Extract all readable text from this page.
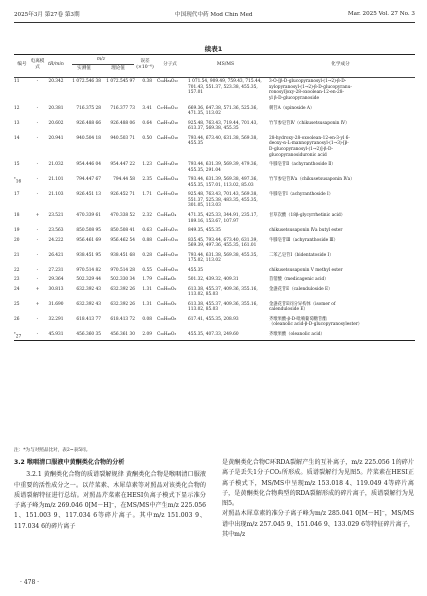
2025年3月 第27卷 第3期	中国现代中药 Mod Chin Med	Mar. 2025 Vol. 27 No. 3
续表1
编号
电离模式	tR/min
m/z
实测值	理论值
误差(×10⁻⁶)	分子式	MS/MS	化学成分
11	-	20.342	1 072.546 38	1 072.545 97	0.38	C₅₄H₈₄O₂₂	1 071.54, 909.49, 759.43, 715.44,
701.43, 551.37, 523.38, 455.35,
157.01
3-O-[β-D-glucopyranosyl-(1→2)-β-D-
xylopyranosyl-(1→2)-β-D-glucopyranu-
ronosyl]oxy-28-oxoolean-12-en-28-
yl β-D-glucopyranoside
12	-	20.381	716.375 28	716.377 73	3.41	C₃₇H₅₆O₁₂	669.36, 647.38, 571.36, 525.36,
471.35, 113.02
刺苷A（spinoside A）
13	-	20.602	926.488 66	926.488 06	0.64	C₄₈H₇₄O₁₈	925.48, 763.43, 719.44, 701.43,
613.37, 569.38, 455.35
竹节参皂苷Ⅳ（chikusetsusaponin Ⅳ）
14	-	20.941	940.504 18	940.503 71	0.50	C₄₉H₇₆O₁₈	793.44, 673.40, 631.38, 569.38,
455.35
28-hydroxy-28-oxoolean-12-en-3-yl 6-
deoxy-α-L-mannopyranosyl-(1→3)-[β-
D-glucopyranosyl-(1→2)]-β-D-
glucopyranosiduronic acid
15	-	21.032	954.446 04	954.447 22	1.23	C₄₉H₇₄O₁₈	793.44, 631.39, 569.39, 479.36,
455.35, 291.04
牛膝皂苷Ⅱ（achyranthoside Ⅱ）
*16	-	21.101	794.447 67	794.44 58	2.35	C₄₂H₆₆O₁₄	793.44, 631.39, 569.38, 497.36,
455.35, 157.01, 113.02, 85.03
竹节参皂苷Ⅳa（chikusetsusaponin Ⅳa）
17	-	21.103	926.451 13	926.452 71	1.71	C₄₇H₇₀O₁₈	925.48, 763.43, 701.43, 569.38,
551.37, 525.38, 483.35, 455.35,
301.05, 113.03
牛膝皂苷Ⅰ（achyranthoside Ⅰ）
18	+	23.521	470.339 61	470.338 52	2.32	C₃₀H₄₆O₄	471.35, 425.33, 344.91, 235.17,
189.16, 153.67, 107.97
甘草次酸（18β-glycyrrhetinic acid）
19	-	23.563	850.508 95	850.508 41	0.63	C₄₆H₇₄O₁₅	849.35, 455.35	chikusetsusaponin Ⅳa butyl ester
20	-	24.222	956.461 69	956.462 54	0.88	C₄₉H₇₂O₁₉	835.45, 793.44, 673.40, 631.39,
569.39, 497.36, 455.35, 161.01
牛膝皂苷Ⅲ（achyranthoside Ⅲ）
21	-	26.421	938.451 95	938.451 68	0.28	C₄₈H₇₀O₁₈	793.44, 631.38, 569.38, 455.35,
175.02, 113.02
二苯乙皂苷Ⅰ（bidentatoside Ⅰ）
22	-	27.231	970.514 82	970.514 28	0.55	C₅₀H₇₈O₁₉	455.35	chikusetsusaponin V methyl ester
23	-	29.364	502.329 44	502.330 34	1.79	C₃₀H₄₆O₆	501.32, 439.32, 409.31	苜蓿酸（medicagenic acid）
24	+	30.813	632.392 43	632.392 26	1.31	C₃₆H₅₆O₉	613.38, 455.37, 409.36, 355.16,
113.02, 85.03
金盏花苷E（calenduloside E）
25	+	31.690	632.392 43	632.392 26	1.31	C₃₆H₅₆O₉	613.38, 455.37, 409.36, 355.16,
113.02, 85.03
金盏花苷E同分异构体（isomer of
calenduloside E）
26	-	32.291	618.413 77	618.413 72	0.08	C₃₆H₅₈O₈	617.41, 455.35, 208.93	齐墩果酸-β-D-吡喃葡萄糖苷酯
（oleanolic acid-β-D-glucopyranosylester）
*27	-	45.931	456.360 35	456.361 30	2.09	C₃₀H₄₈O₃	455.35, 407.33, 249.60	齐墩果酸（oleanolic acid）
注：*为与对照品比对，表2~表5同。

3.2 喉咽清口服液中黄酮类化合物的分析

3.2.1 黄酮类化合物的质谱裂解规律 黄酮类化合物是喉咽清口服液中重要的活性成分之一。以芹菜素、木犀草素等对照品对该类化合物的质谱裂解特征进行总结。对照品芹菜素在HESI负离子模式下显示准分子离子峰为m/z 269.046 0[M－H]⁻，在MS/MS中产生m/z 225.056 1、151.003 9、117.034 6等碎片离子。其中m/z 151.003 9、117.034 6的碎片离子

是黄酮类化合物C环RDA裂解产生的互补离子，m/z 225.056 1的碎片离子是丢失1分子CO₂所形成。质谱裂解行为见图5。芹菜素在HESI正离子模式下，MS/MS中呈现m/z 153.018 4、119.049 4等碎片离子，是黄酮类化合物典型的RDA裂解形成的碎片离子，质谱裂解行为见图5。
对照品木犀草素的准分子离子峰为m/z 285.041 0[M－H]⁻，MS/MS谱中出现m/z 257.045 9、151.046 9、133.029 6等特征碎片离子，其中m/z

· 478 ·
